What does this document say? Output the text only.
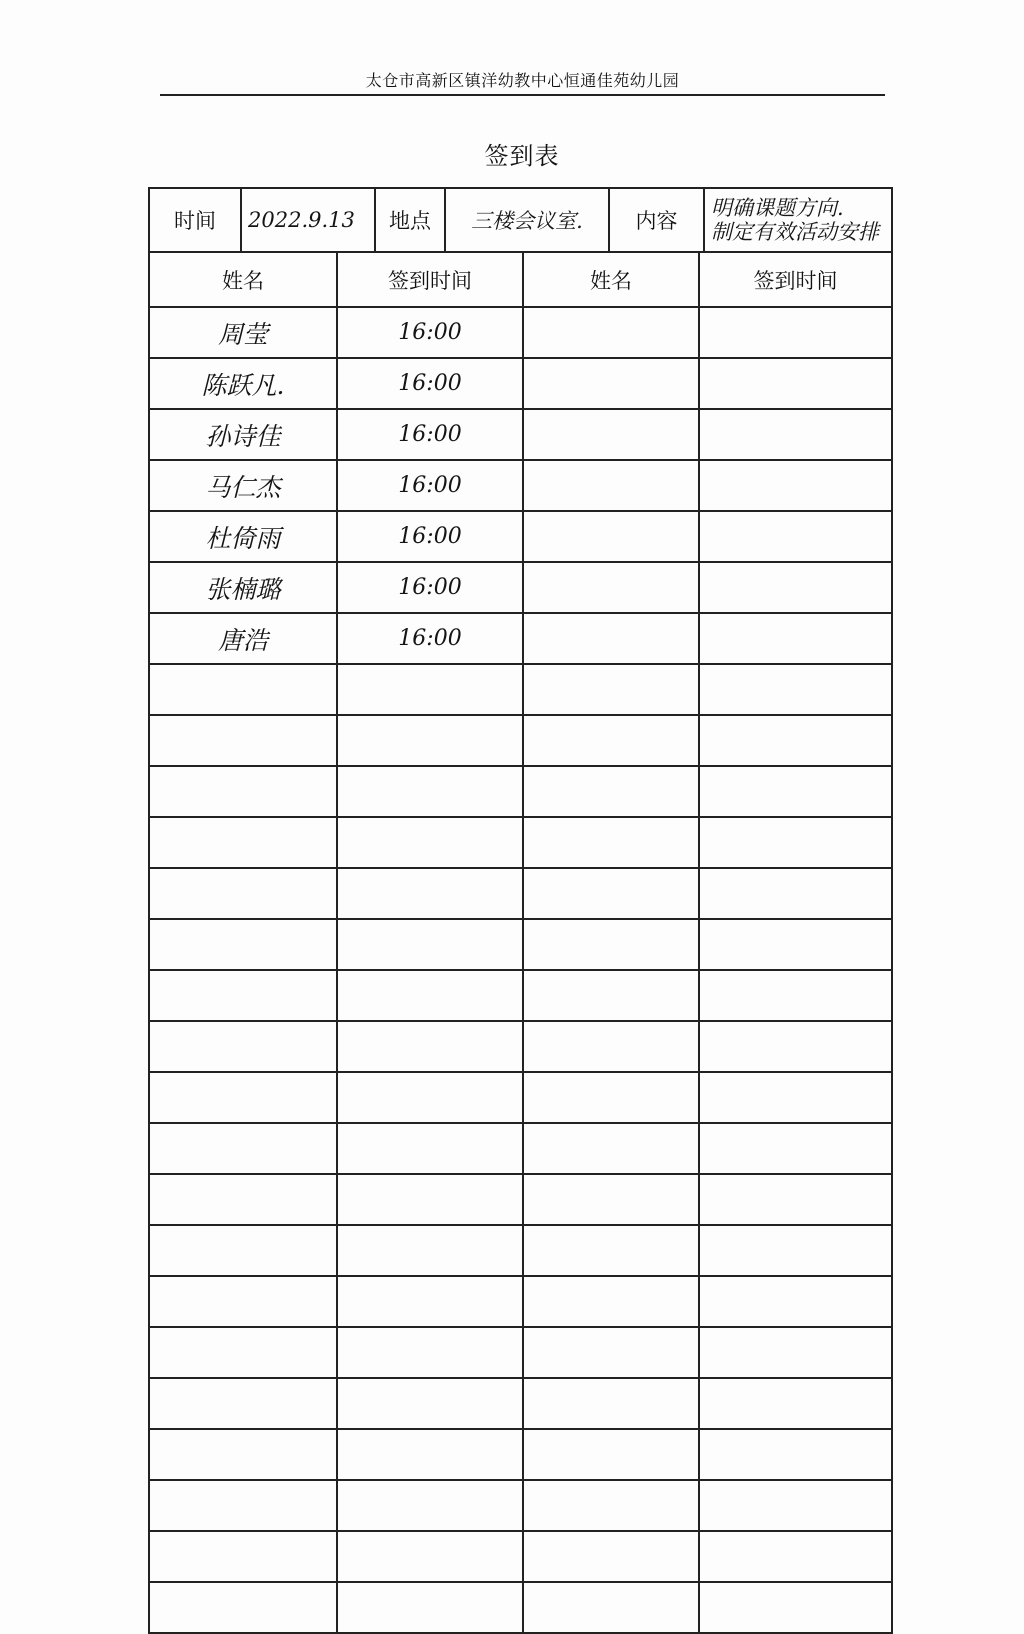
太仓市高新区镇洋幼教中心恒通佳苑幼儿园
签到表
时间	2022.9.13	地点	三楼会议室.	内容	
明确课题方向.
制定有效活动安排
姓名	签到时间	姓名	签到时间
周莹	16:00		
陈跃凡.	16:00		
孙诗佳	16:00		
马仁杰	16:00		
杜倚雨	16:00		
张楠璐	16:00		
唐浩	16:00		
